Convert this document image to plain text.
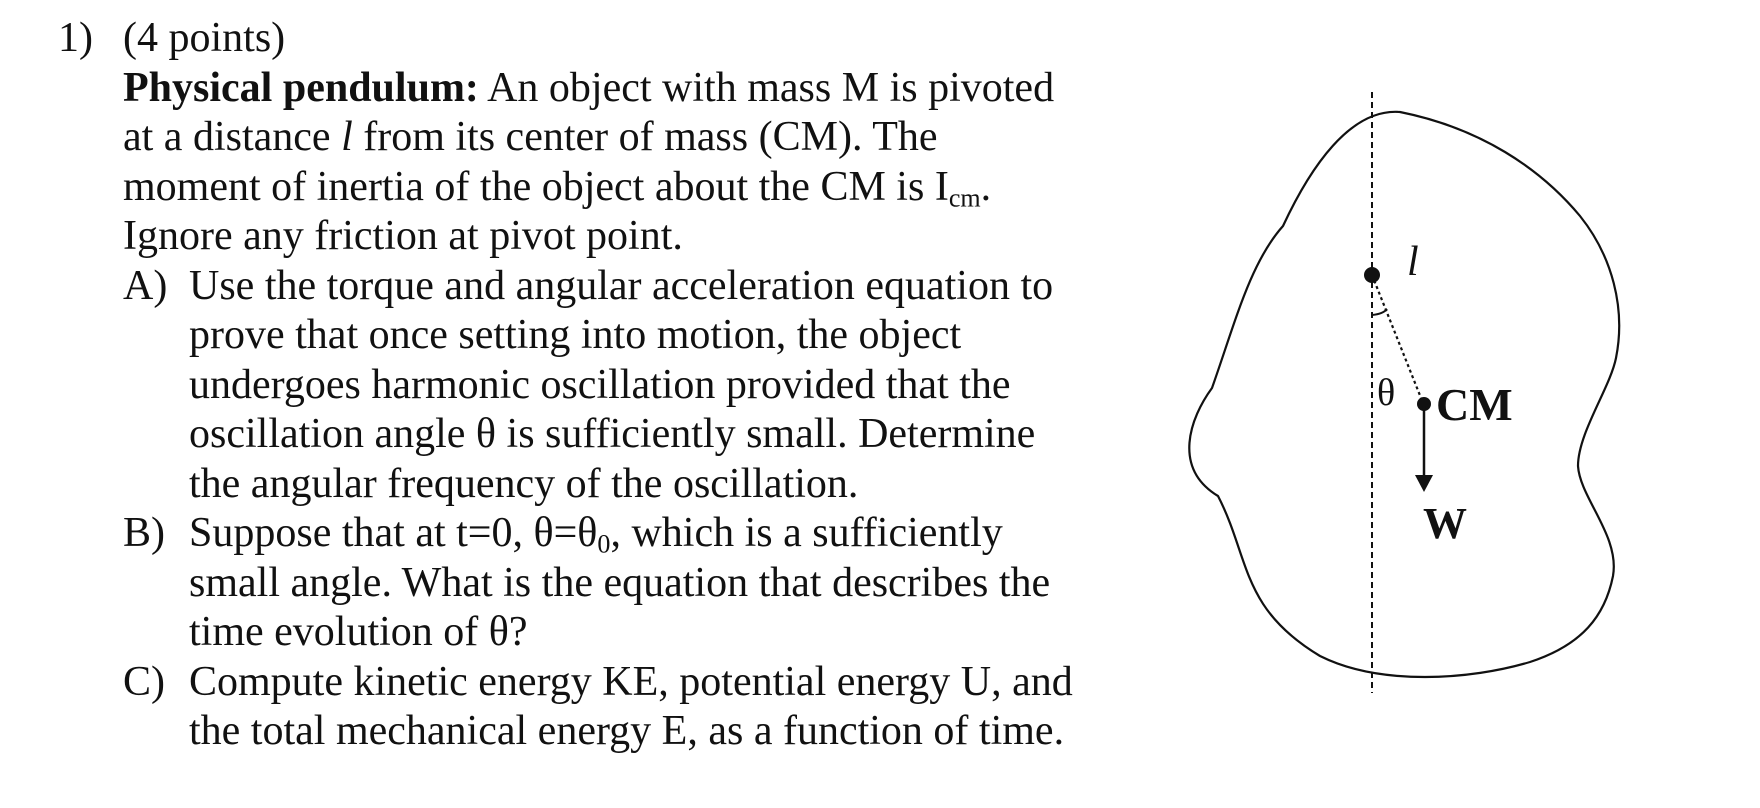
1) (4 points)
Physical pendulum: An object with mass M is pivoted
at a distance l from its center of mass (CM). The
moment of inertia of the object about the CM is $I_{cm}$.
Ignore any friction at pivot point.
A) Use the torque and angular acceleration equation to
prove that once setting into motion, the object
undergoes harmonic oscillation provided that the
oscillation angle θ is sufficiently small. Determine
the angular frequency of the oscillation.
B) Suppose that at t=0, $\theta=\theta_0$, which is a sufficiently
small angle. What is the equation that describes the
time evolution of θ?
C) Compute kinetic energy KE, potential energy U, and
the total mechanical energy E, as a function of time.
l
θ CM
W
